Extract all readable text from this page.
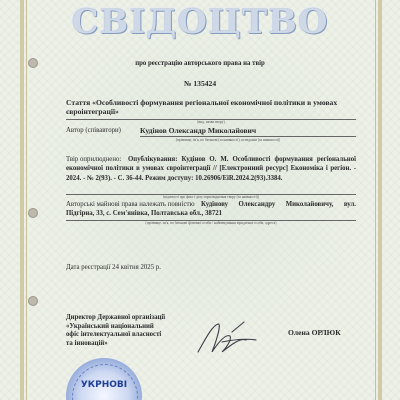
СВІДОЦТВО
про реєстрацію авторського права на твір
№ 135424
Стаття «Особливості формування регіональної економічної політики в умовах євроінтеграції»
(вид, назва твору)
Автор (співавтори)	Кудінов Олександр Миколайович
(прізвище, ім'я, по батькові (за наявності), псевдонім (за наявності))
Твір оприлюднено: Опублікування: Кудінов О. М. Особливості формування регіональної економічної політики в умовах євроінтеграції // [Електронний ресурс] Економіка і регіон. - 2024. - № 2(93). - С. 36-44. Режим доступу: 10.26906/EiR.2024.2(93).3384.
(відомості про факт і дату оприлюднення твору (за наявності))
Авторські майнові права належать повністю Кудінову Олександру Миколайовичу, вул. Підгірна, 33, с. Сем'янівка, Полтавська обл., 38721
(прізвище, ім'я, по батькові фізичної особи / найменування юридичної особи, адреса)
Дата реєстрації 24 квітня 2025 р.
Директор Державної організації
«Український національний
офіс інтелектуальної власності
та інновацій»
Олена ОРЛЮК
УКРНОВІ
